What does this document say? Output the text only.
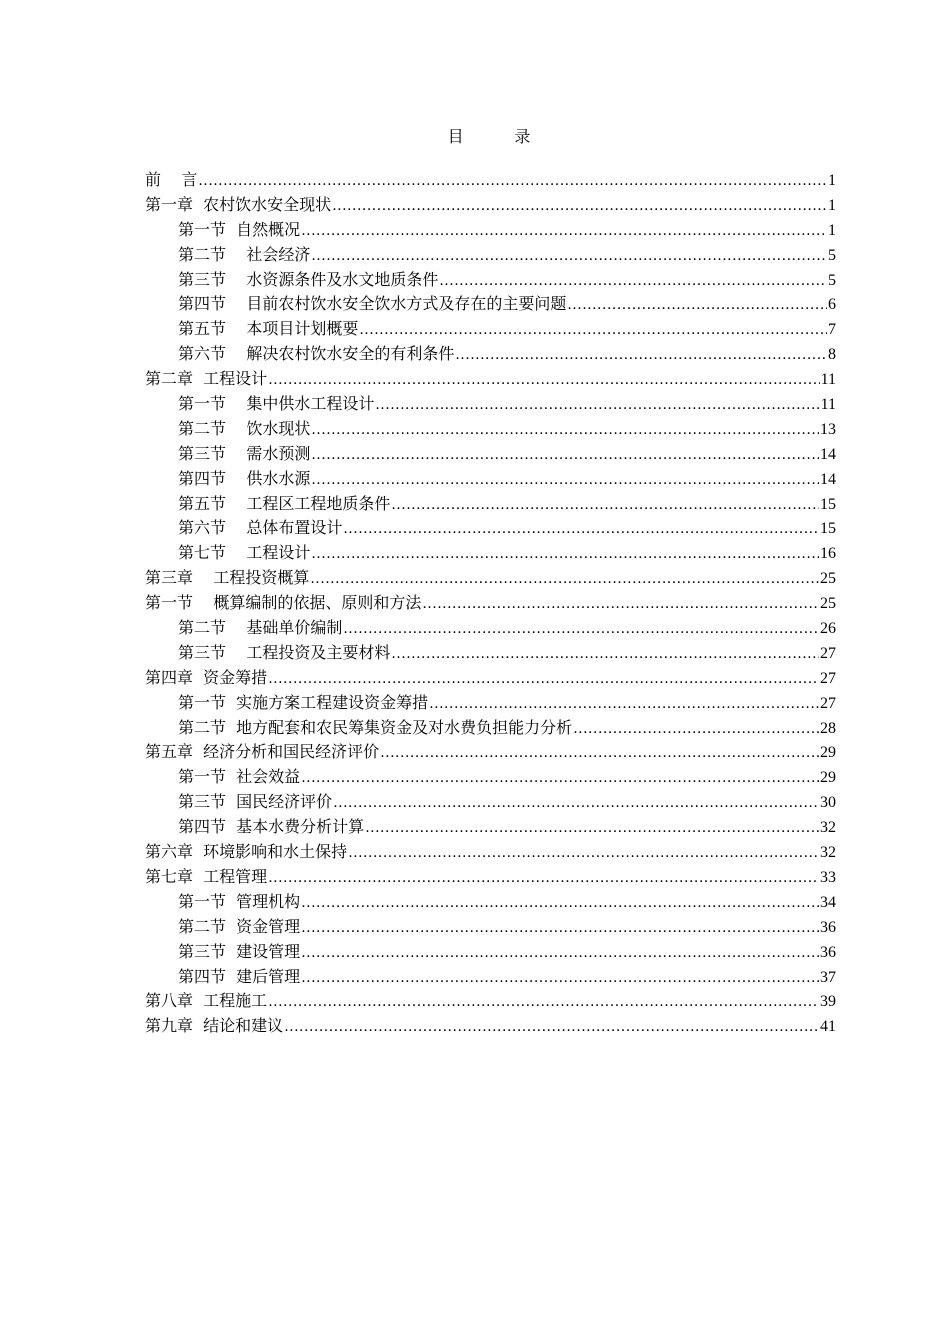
目          录
前    言 .....	1
第一章  农村饮水安全现状 .....	1
第一节  自然概况 .....	1
第二节    社会经济 .....	5
第三节    水资源条件及水文地质条件 .....	5
第四节    目前农村饮水安全饮水方式及存在的主要问题 .....	6
第五节    本项目计划概要 .....	7
第六节    解决农村饮水安全的有利条件 .....	8
第二章  工程设计 .....	11
第一节    集中供水工程设计 .....	11
第二节    饮水现状 .....	13
第三节    需水预测 .....	14
第四节    供水水源 .....	14
第五节    工程区工程地质条件 .....	15
第六节    总体布置设计 .....	15
第七节    工程设计 .....	16
第三章    工程投资概算 .....	25
第一节    概算编制的依据、原则和方法 .....	25
第二节    基础单价编制 .....	26
第三节    工程投资及主要材料 .....	27
第四章  资金筹措 .....	27
第一节  实施方案工程建设资金筹措 .....	27
第二节  地方配套和农民筹集资金及对水费负担能力分析 .....	28
第五章  经济分析和国民经济评价 .....	29
第一节  社会效益 .....	29
第三节  国民经济评价 .....	30
第四节  基本水费分析计算 .....	32
第六章  环境影响和水土保持 .....	32
第七章  工程管理 .....	33
第一节  管理机构 .....	34
第二节  资金管理 .....	36
第三节  建设管理 .....	36
第四节  建后管理 .....	37
第八章  工程施工 .....	39
第九章  结论和建议 .....	41
